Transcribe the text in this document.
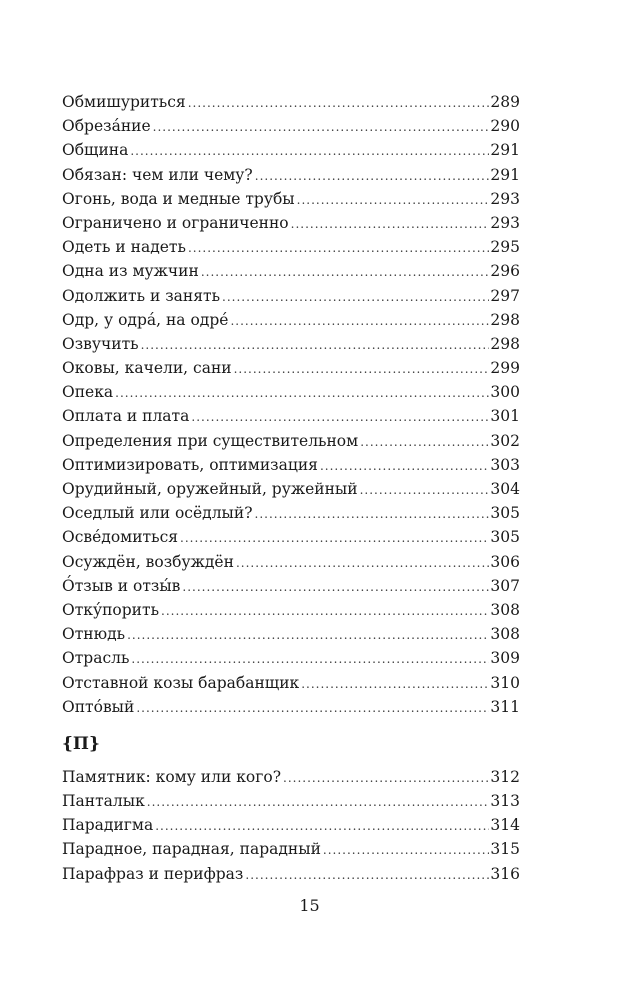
Обмишуриться .....	289
Обреза́ние .....	290
Община .....	291
Обязан: чем или чему? .....	291
Огонь, вода и медные трубы .....	293
Ограничено и ограниченно .....	293
Одеть и надеть .....	295
Одна из мужчин .....	296
Одолжить и занять .....	297
Одр, у одра́, на одре́ .....	298
Озвучить .....	298
Оковы, качели, сани .....	299
Опека .....	300
Оплата и плата .....	301
Определения при существительном .....	302
Оптимизировать, оптимизация .....	303
Орудийный, оружейный, ружейный .....	304
Оседлый или осёдлый? .....	305
Осве́домиться .....	305
Осуждён, возбуждён .....	306
О́тзыв и отзы́в .....	307
Отку́порить .....	308
Отнюдь .....	308
Отрасль .....	309
Отставной козы барабанщик .....	310
Опто́вый .....	311
{П}
Памятник: кому или кого? .....	312
Панталык .....	313
Парадигма .....	314
Парадное, парадная, парадный .....	315
Парафраз и перифраз .....	316
15
